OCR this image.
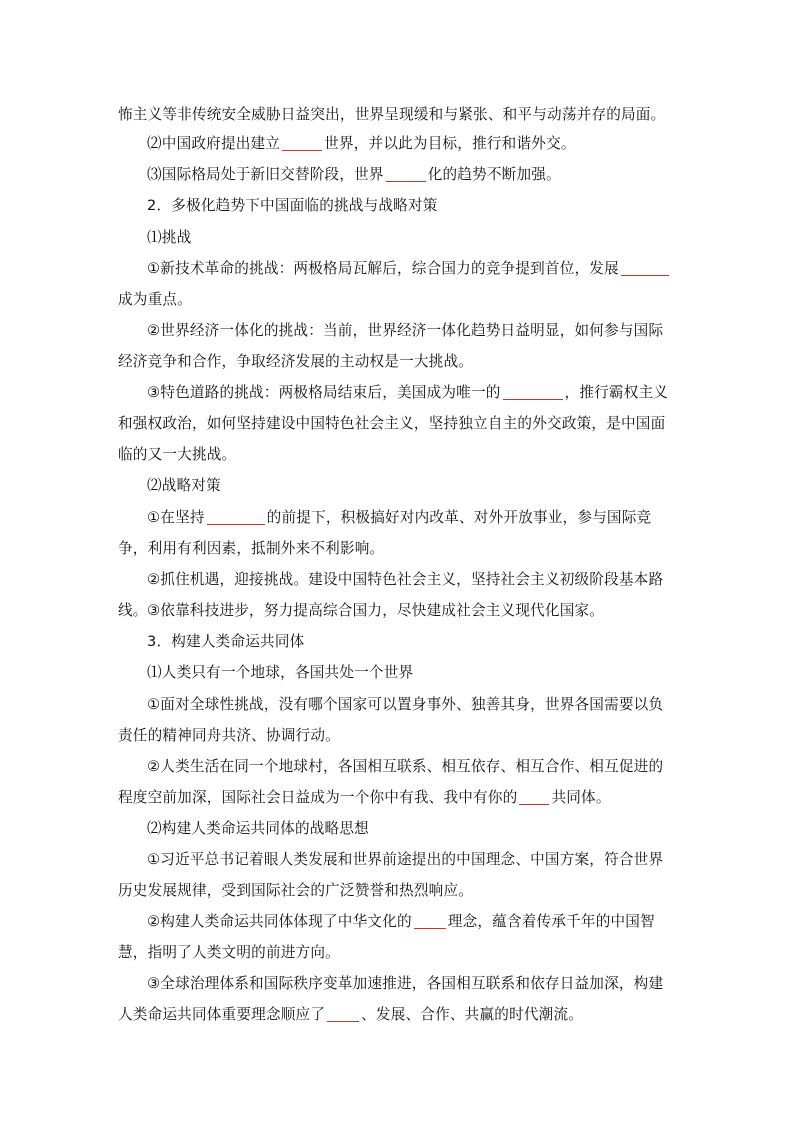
怖主义等非传统安全威胁日益突出，世界呈现缓和与紧张、和平与动荡并存的局面。

⑵中国政府提出建立	世界，并以此为目标，推行和谐外交。

⑶国际格局处于新旧交替阶段，世界	化的趋势不断加强。

2．多极化趋势下中国面临的挑战与战略对策

⑴挑战

①新技术革命的挑战：两极格局瓦解后，综合国力的竞争提到首位，发展成为重点。

②世界经济一体化的挑战：当前，世界经济一体化趋势日益明显，如何参与国际经济竞争和合作，争取经济发展的主动权是一大挑战。

③特色道路的挑战：两极格局结束后，美国成为唯一的	，推行霸权主义和强权政治，如何坚持建设中国特色社会主义，坚持独立自主的外交政策，是中国面临的又一大挑战。

⑵战略对策

①在坚持	的前提下，积极搞好对内改革、对外开放事业，参与国际竞争，利用有利因素，抵制外来不利影响。

②抓住机遇，迎接挑战。建设中国特色社会主义，坚持社会主义初级阶段基本路线。 ③依靠科技进步，努力提高综合国力，尽快建成社会主义现代化国家。

3．构建人类命运共同体

⑴人类只有一个地球，各国共处一个世界

①面对全球性挑战，没有哪个国家可以置身事外、独善其身，世界各国需要以负责任的精神同舟共济、协调行动。

②人类生活在同一个地球村，各国相互联系、相互依存、相互合作、相互促进的程度空前加深，国际社会日益成为一个你中有我、我中有你的 共同体。

⑵构建人类命运共同体的战略思想

①习近平总书记着眼人类发展和世界前途提出的中国理念、中国方案，符合世界历史发展规律，受到国际社会的广泛赞誉和热烈响应。

②构建人类命运共同体体现了中华文化的 理念，蕴含着传承千年的中国智慧，指明了人类文明的前进方向。

③全球治理体系和国际秩序变革加速推进，各国相互联系和依存日益加深，构建人类命运共同体重要理念顺应了 、发展、合作、共赢的时代潮流。
